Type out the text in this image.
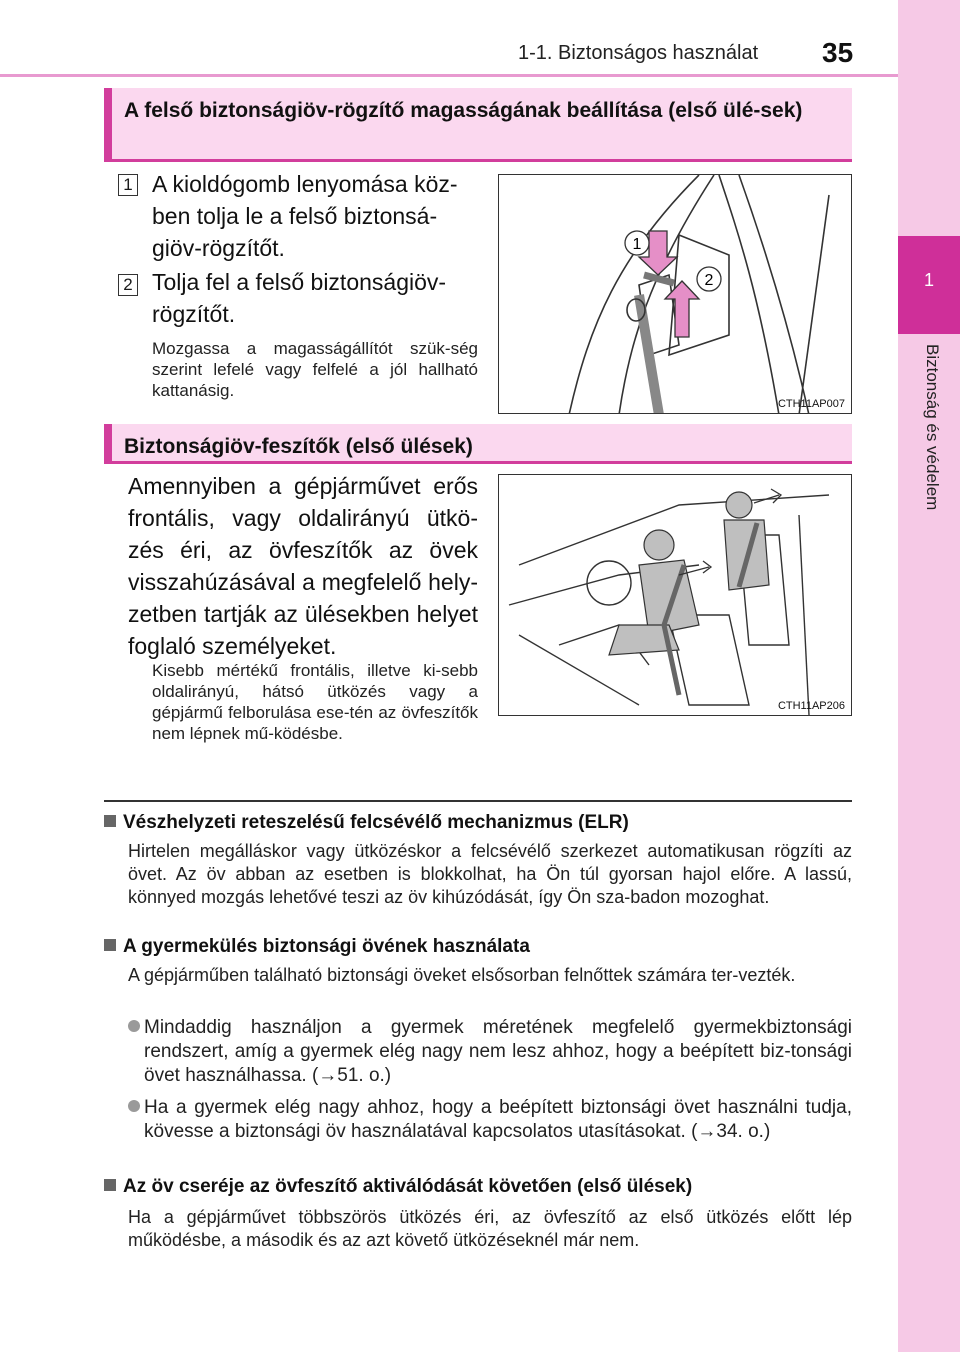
1-1. Biztonságos használat 35
1
Biztonság és védelem
A felső biztonságiöv-rögzítő magasságának beállítása (első ülé-sek)
1 A kioldógomb lenyomása köz-ben tolja le a felső biztonsá-giöv-rögzítőt.
2 Tolja fel a felső biztonságiöv-rögzítőt.
Mozgassa a magasságállítót szük-ség szerint lefelé vagy felfelé a jól hallható kattanásig.
1
2
CTH11AP007
Biztonságiöv-feszítők (első ülések)
Amennyiben a gépjárművet erős frontális, vagy oldalirányú ütkö-zés éri, az övfeszítők az övek visszahúzásával a megfelelő hely-zetben tartják az ülésekben helyet foglaló személyeket.
Kisebb mértékű frontális, illetve ki-sebb oldalirányú, hátsó ütközés vagy a gépjármű felborulása ese-tén az övfeszítők nem lépnek mű-ködésbe.
CTH11AP206
Vészhelyzeti reteszelésű felcsévélő mechanizmus (ELR)
Hirtelen megálláskor vagy ütközéskor a felcsévélő szerkezet automatikusan rögzíti az övet. Az öv abban az esetben is blokkolhat, ha Ön túl gyorsan hajol előre. A lassú, könnyed mozgás lehetővé teszi az öv kihúzódását, így Ön sza-badon mozoghat.
A gyermekülés biztonsági övének használata
A gépjárműben található biztonsági öveket elsősorban felnőttek számára ter-vezték.
Mindaddig használjon a gyermek méretének megfelelő gyermekbiztonsági rendszert, amíg a gyermek elég nagy nem lesz ahhoz, hogy a beépített biz-tonsági övet használhassa. (→51. o.)
Ha a gyermek elég nagy ahhoz, hogy a beépített biztonsági övet használni tudja, kövesse a biztonsági öv használatával kapcsolatos utasításokat. (→34. o.)
Az öv cseréje az övfeszítő aktiválódását követően (első ülések)
Ha a gépjárművet többszörös ütközés éri, az övfeszítő az első ütközés előtt lép működésbe, a második és az azt követő ütközéseknél már nem.
